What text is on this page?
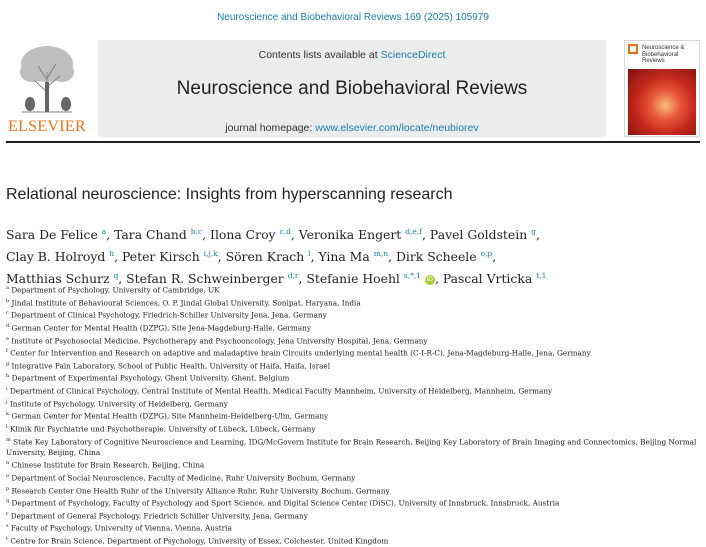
Neuroscience and Biobehavioral Reviews 169 (2025) 105979
ELSEVIER
Contents lists available at ScienceDirect
Neuroscience and Biobehavioral Reviews
journal homepage: www.elsevier.com/locate/neubiorev
Neuroscience & Biobehavioral Reviews
Relational neuroscience: Insights from hyperscanning research
Sara De Felice $^a$, Tara Chand $^{b,c}$, Ilona Croy $^{c,d}$, Veronika Engert $^{d,e,f}$, Pavel Goldstein $^g$,
Clay B. Holroyd $^h$, Peter Kirsch $^{i,j,k}$, Sören Krach $^l$, Yina Ma $^{m,n}$, Dirk Scheele $^{o,p}$,
Matthias Schurz $^q$, Stefan R. Schweinberger $^{d,r}$, Stefanie Hoehl $^{s,*,1}$ iD , Pascal Vrticka $^{t,1}$
$^a$ Department of Psychology, University of Cambridge, UK
$^b$ Jindal Institute of Behavioural Sciences, O. P. Jindal Global University, Sonipat, Haryana, India
$^c$ Department of Clinical Psychology, Friedrich-Schiller University Jena, Jena, Germany
$^d$ German Center for Mental Health (DZPG), Site Jena-Magdeburg-Halle, Germany
$^e$ Institute of Psychosocial Medicine, Psychotherapy and Psychooncology, Jena University Hospital, Jena, Germany
$^f$ Center for Intervention and Research on adaptive and maladaptive brain Circuits underlying mental health (C-I-R-C), Jena-Magdeburg-Halle, Jena, Germany
$^g$ Integrative Pain Laboratory, School of Public Health, University of Haifa, Haifa, Israel
$^h$ Department of Experimental Psychology, Ghent University, Ghent, Belgium
$^i$ Department of Clinical Psychology, Central Institute of Mental Health, Medical Faculty Mannheim, University of Heidelberg, Mannheim, Germany
$^j$ Institute of Psychology, University of Heidelberg, Germany
$^k$ German Center for Mental Health (DZPG), Site Mannheim-Heidelberg-Ulm, Germany
$^l$ Klinik für Psychiatrie und Psychotherapie, University of Lübeck, Lübeck, Germany
$^m$ State Key Laboratory of Cognitive Neuroscience and Learning, IDG/McGovern Institute for Brain Research, Beijing Key Laboratory of Brain Imaging and Connectomics, Beijing Normal University, Beijing, China
$^n$ Chinese Institute for Brain Research, Beijing, China
$^o$ Department of Social Neuroscience, Faculty of Medicine, Ruhr University Bochum, Germany
$^p$ Research Center One Health Ruhr of the University Alliance Ruhr, Ruhr University Bochum, Germany
$^q$ Department of Psychology, Faculty of Psychology and Sport Science, and Digital Science Center (DiSC), University of Innsbruck, Innsbruck, Austria
$^r$ Department of General Psychology, Friedrich Schiller University, Jena, Germany
$^s$ Faculty of Psychology, University of Vienna, Vienna, Austria
$^t$ Centre for Brain Science, Department of Psychology, University of Essex, Colchester, United Kingdom
